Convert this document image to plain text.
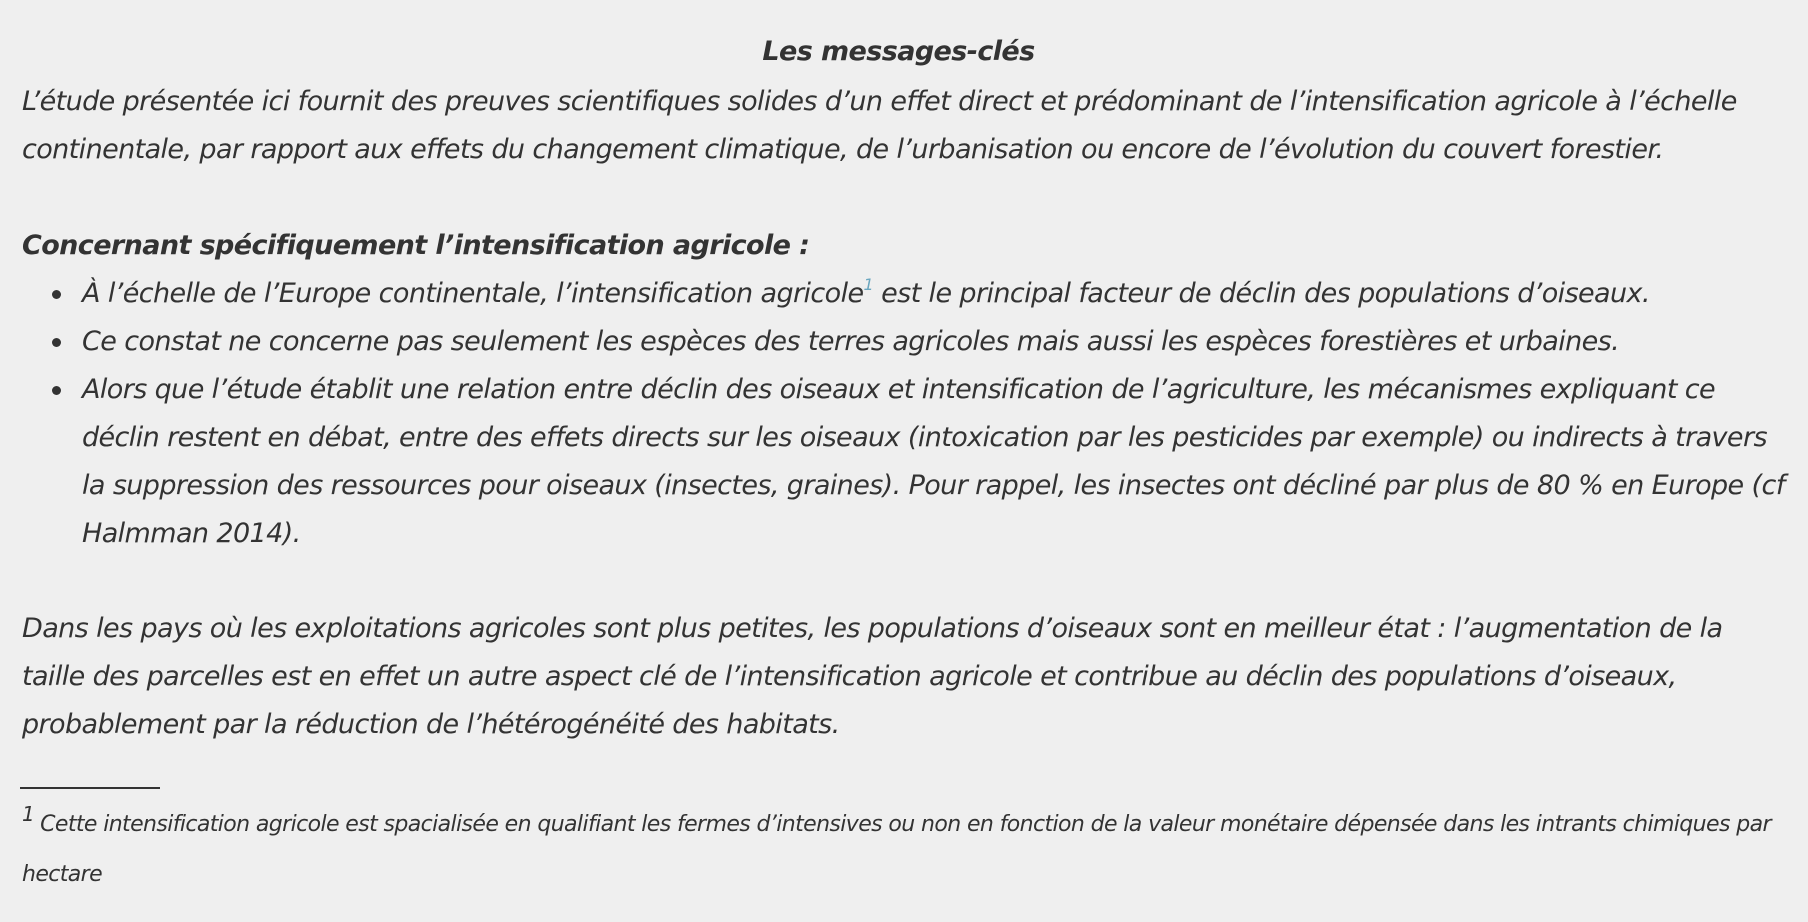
Les messages-clés
L’étude présentée ici fournit des preuves scientifiques solides d’un effet direct et prédominant de l’intensification agricole à l’échelle continentale, par rapport aux effets du changement climatique, de l’urbanisation ou encore de l’évolution du couvert forestier.
Concernant spécifiquement l’intensification agricole :
À l’échelle de l’Europe continentale, l’intensification agricole$^1$ est le principal facteur de déclin des populations d’oiseaux.
Ce constat ne concerne pas seulement les espèces des terres agricoles mais aussi les espèces forestières et urbaines.
Alors que l’étude établit une relation entre déclin des oiseaux et intensification de l’agriculture, les mécanismes expliquant ce déclin restent en débat, entre des effets directs sur les oiseaux (intoxication par les pesticides par exemple) ou indirects à travers la suppression des ressources pour oiseaux (insectes, graines). Pour rappel, les insectes ont décliné par plus de 80 % en Europe (cf Halmman 2014).
Dans les pays où les exploitations agricoles sont plus petites, les populations d’oiseaux sont en meilleur état : l’augmentation de la taille des parcelles est en effet un autre aspect clé de l’intensification agricole et contribue au déclin des populations d’oiseaux, probablement par la réduction de l’hétérogénéité des habitats.
1 Cette intensification agricole est spacialisée en qualifiant les fermes d’intensives ou non en fonction de la valeur monétaire dépensée dans les intrants chimiques par hectare
